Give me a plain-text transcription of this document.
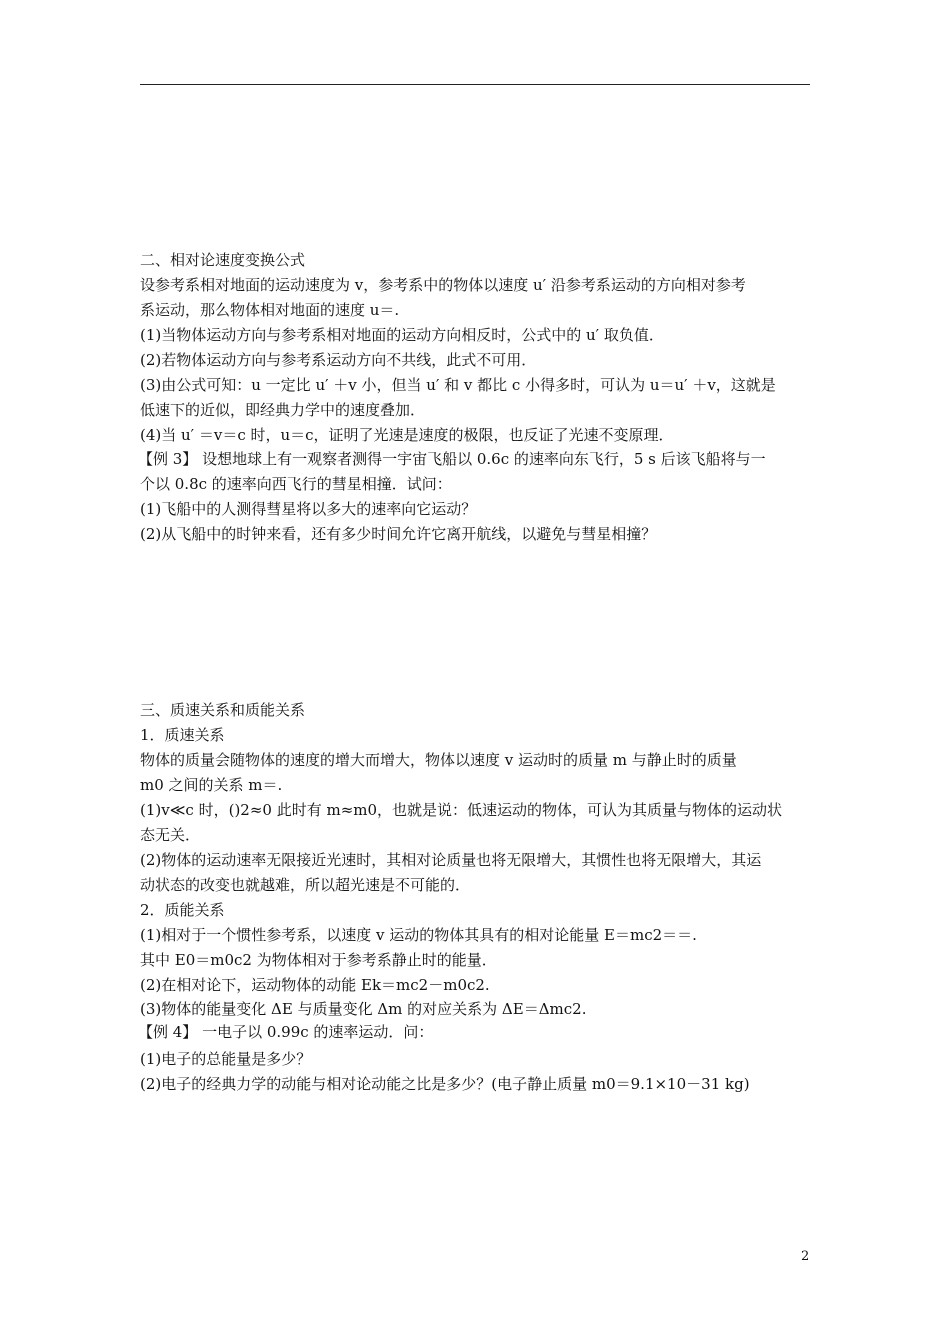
二、相对论速度变换公式
设参考系相对地面的运动速度为 v，参考系中的物体以速度 u′ 沿参考系运动的方向相对参考
系运动，那么物体相对地面的速度 u＝.
(1)当物体运动方向与参考系相对地面的运动方向相反时，公式中的 u′ 取负值．
(2)若物体运动方向与参考系运动方向不共线，此式不可用．
(3)由公式可知：u 一定比 u′ ＋v 小，但当 u′ 和 v 都比 c 小得多时，可认为 u＝u′ ＋v，这就是
低速下的近似，即经典力学中的速度叠加．
(4)当 u′ ＝v＝c 时，u＝c，证明了光速是速度的极限，也反证了光速不变原理．
【例 3】 设想地球上有一观察者测得一宇宙飞船以 0.6c 的速率向东飞行，5 s 后该飞船将与一
个以 0.8c 的速率向西飞行的彗星相撞．试问：
(1)飞船中的人测得彗星将以多大的速率向它运动？
(2)从飞船中的时钟来看，还有多少时间允许它离开航线，以避免与彗星相撞？
三、质速关系和质能关系
1．质速关系
物体的质量会随物体的速度的增大而增大，物体以速度 v 运动时的质量 m 与静止时的质量
m0 之间的关系 m＝.
(1)v≪c 时，()2≈0 此时有 m≈m0，也就是说：低速运动的物体，可认为其质量与物体的运动状
态无关．
(2)物体的运动速率无限接近光速时，其相对论质量也将无限增大，其惯性也将无限增大，其运
动状态的改变也就越难，所以超光速是不可能的．
2．质能关系
(1)相对于一个惯性参考系，以速度 v 运动的物体其具有的相对论能量 E＝mc2＝＝.
其中 E0＝m0c2 为物体相对于参考系静止时的能量．
(2)在相对论下，运动物体的动能 Ek＝mc2－m0c2.
(3)物体的能量变化 ΔE 与质量变化 Δm 的对应关系为 ΔE＝Δmc2.
【例 4】 一电子以 0.99c 的速率运动．问：
(1)电子的总能量是多少？
(2)电子的经典力学的动能与相对论动能之比是多少？(电子静止质量 m0＝9.1×10－31 kg)
2
